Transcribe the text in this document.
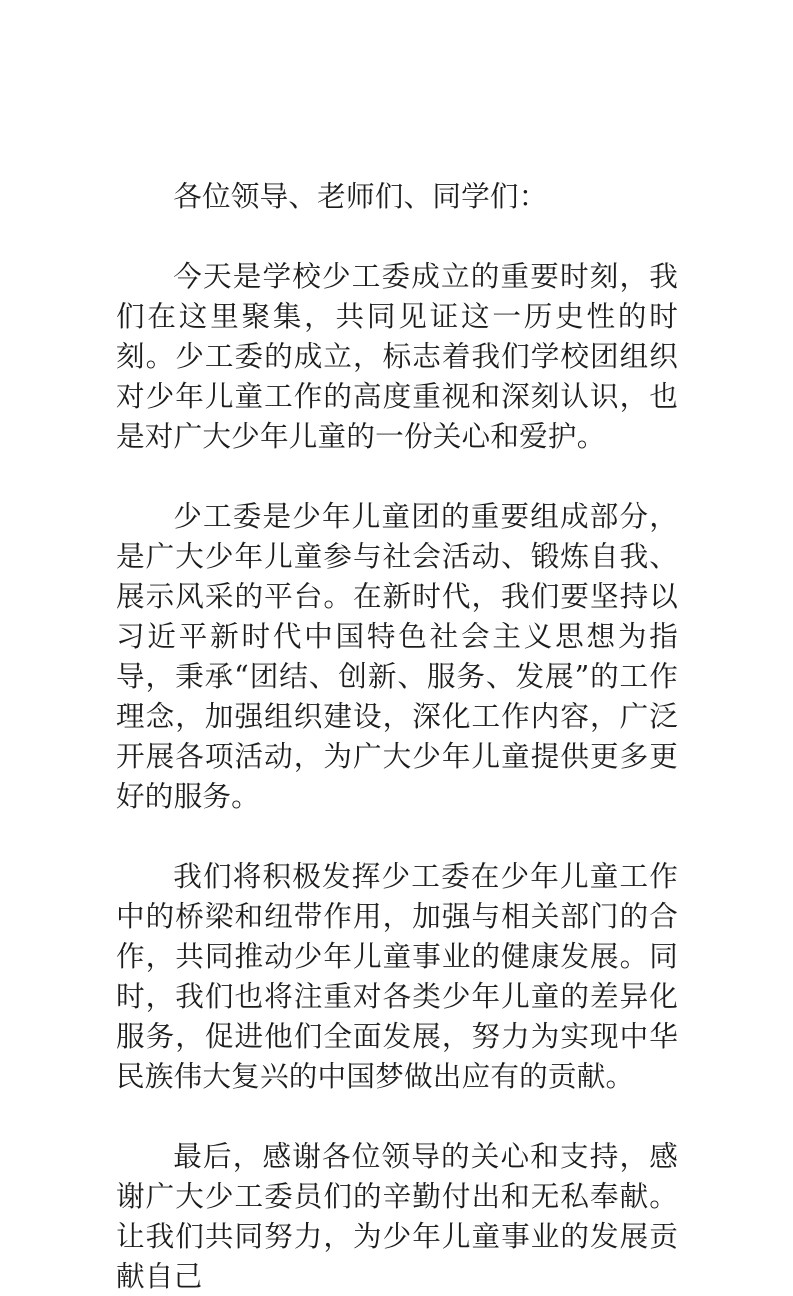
各位领导、老师们、同学们：

今天是学校少工委成立的重要时刻，我们在这里聚集，共同见证这一历史性的时刻。少工委的成立，标志着我们学校团组织对少年儿童工作的高度重视和深刻认识，也是对广大少年儿童的一份关心和爱护。

少工委是少年儿童团的重要组成部分，是广大少年儿童参与社会活动、锻炼自我、展示风采的平台。在新时代，我们要坚持以习近平新时代中国特色社会主义思想为指导，秉承“团结、创新、服务、发展”的工作理念，加强组织建设，深化工作内容，广泛开展各项活动，为广大少年儿童提供更多更好的服务。

我们将积极发挥少工委在少年儿童工作中的桥梁和纽带作用，加强与相关部门的合作，共同推动少年儿童事业的健康发展。同时，我们也将注重对各类少年儿童的差异化服务，促进他们全面发展，努力为实现中华民族伟大复兴的中国梦做出应有的贡献。

最后，感谢各位领导的关心和支持，感谢广大少工委员们的辛勤付出和无私奉献。让我们共同努力，为少年儿童事业的发展贡献自己
